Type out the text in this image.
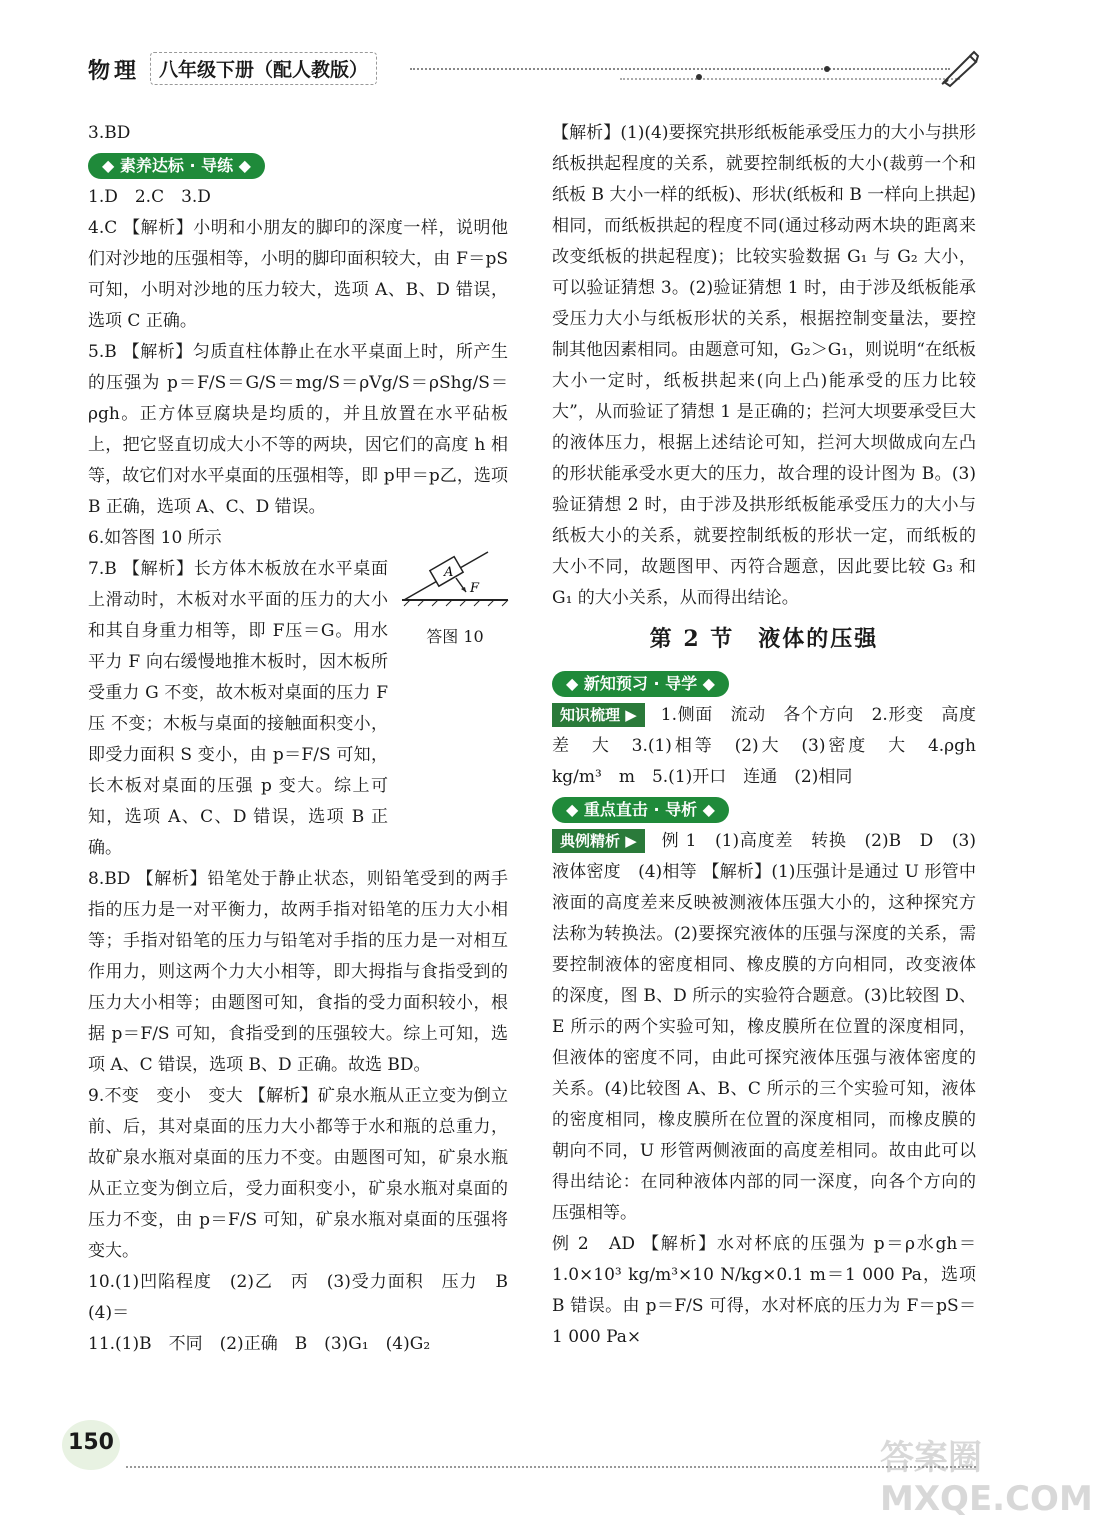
物理 八年级下册（配人教版）

3.BD

◆ 素养达标 · 导练 ◆

1.D　2.C　3.D

4.C 【解析】小明和小朋友的脚印的深度一样，说明他们对沙地的压强相等，小明的脚印面积较大，由 F＝pS 可知，小明对沙地的压力较大，选项 A、B、D 错误，选项 C 正确。

5.B 【解析】匀质直柱体静止在水平桌面上时，所产生的压强为 p＝F/S＝G/S＝mg/S＝ρVg/S＝ρShg/S＝ρgh。正方体豆腐块是均质的，并且放置在水平砧板上，把它竖直切成大小不等的两块，因它们的高度 h 相等，故它们对水平桌面的压强相等，即 p甲＝p乙，选项 B 正确，选项 A、C、D 错误。

6.如答图 10 所示

7.B 【解析】长方体木板放在水平桌面上滑动时，木板对水平面的压力的大小和其自身重力相等，即 F压＝G。用水平力 F 向右缓慢地推木板时，因木板所受重力 G 不变，故木板对桌面的压力 F压 不变；木板与桌面的接触面积变小，即受力面积 S 变小，由 p＝F/S 可知，长木板对桌面的压强 p 变大。综上可知，选项 A、C、D 错误，选项 B 正确。

8.BD 【解析】铅笔处于静止状态，则铅笔受到的两手指的压力是一对平衡力，故两手指对铅笔的压力大小相等；手指对铅笔的压力与铅笔对手指的压力是一对相互作用力，则这两个力大小相等，即大拇指与食指受到的压力大小相等；由题图可知，食指的受力面积较小，根据 p＝F/S 可知，食指受到的压强较大。综上可知，选项 A、C 错误，选项 B、D 正确。故选 BD。

9.不变　变小　变大 【解析】矿泉水瓶从正立变为倒立前、后，其对桌面的压力大小都等于水和瓶的总重力，故矿泉水瓶对桌面的压力不变。由题图可知，矿泉水瓶从正立变为倒立后，受力面积变小，矿泉水瓶对桌面的压力不变，由 p＝F/S 可知，矿泉水瓶对桌面的压强将变大。

10.(1)凹陷程度　(2)乙　丙　(3)受力面积　压力　B　(4)＝

11.(1)B　不同　(2)正确　B　(3)G₁　(4)G₂

A
F
答图 10

【解析】(1)(4)要探究拱形纸板能承受压力的大小与拱形纸板拱起程度的关系，就要控制纸板的大小(裁剪一个和纸板 B 大小一样的纸板)、形状(纸板和 B 一样向上拱起)相同，而纸板拱起的程度不同(通过移动两木块的距离来改变纸板的拱起程度)；比较实验数据 G₁ 与 G₂ 大小，可以验证猜想 3。(2)验证猜想 1 时，由于涉及纸板能承受压力大小与纸板形状的关系，根据控制变量法，要控制其他因素相同。由题意可知，G₂＞G₁，则说明“在纸板大小一定时，纸板拱起来(向上凸)能承受的压力比较大”，从而验证了猜想 1 是正确的；拦河大坝要承受巨大的液体压力，根据上述结论可知，拦河大坝做成向左凸的形状能承受水更大的压力，故合理的设计图为 B。(3)验证猜想 2 时，由于涉及拱形纸板能承受压力的大小与纸板大小的关系，就要控制纸板的形状一定，而纸板的大小不同，故题图甲、丙符合题意，因此要比较 G₃ 和 G₁ 的大小关系，从而得出结论。

第 2 节　液体的压强
◆ 新知预习 · 导学 ◆

知识梳理 ▶ 1.侧面　流动　各个方向　2.形变　高度差　大　3.(1)相等　(2)大　(3)密度　大　4.ρgh　kg/m³　m　5.(1)开口　连通　(2)相同

◆ 重点直击 · 导析 ◆

典例精析 ▶ 例 1　(1)高度差　转换　(2)B　D　(3)液体密度　(4)相等 【解析】(1)压强计是通过 U 形管中液面的高度差来反映被测液体压强大小的，这种探究方法称为转换法。(2)要探究液体的压强与深度的关系，需要控制液体的密度相同、橡皮膜的方向相同，改变液体的深度，图 B、D 所示的实验符合题意。(3)比较图 D、E 所示的两个实验可知，橡皮膜所在位置的深度相同，但液体的密度不同，由此可探究液体压强与液体密度的关系。(4)比较图 A、B、C 所示的三个实验可知，液体的密度相同，橡皮膜所在位置的深度相同，而橡皮膜的朝向不同，U 形管两侧液面的高度差相同。故由此可以得出结论：在同种液体内部的同一深度，向各个方向的压强相等。

例 2　AD 【解析】水对杯底的压强为 p＝ρ水gh＝1.0×10³ kg/m³×10 N/kg×0.1 m＝1 000 Pa，选项 B 错误。由 p＝F/S 可得，水对杯底的压力为 F＝pS＝1 000 Pa×

150	答案圈 MXQE.COM
